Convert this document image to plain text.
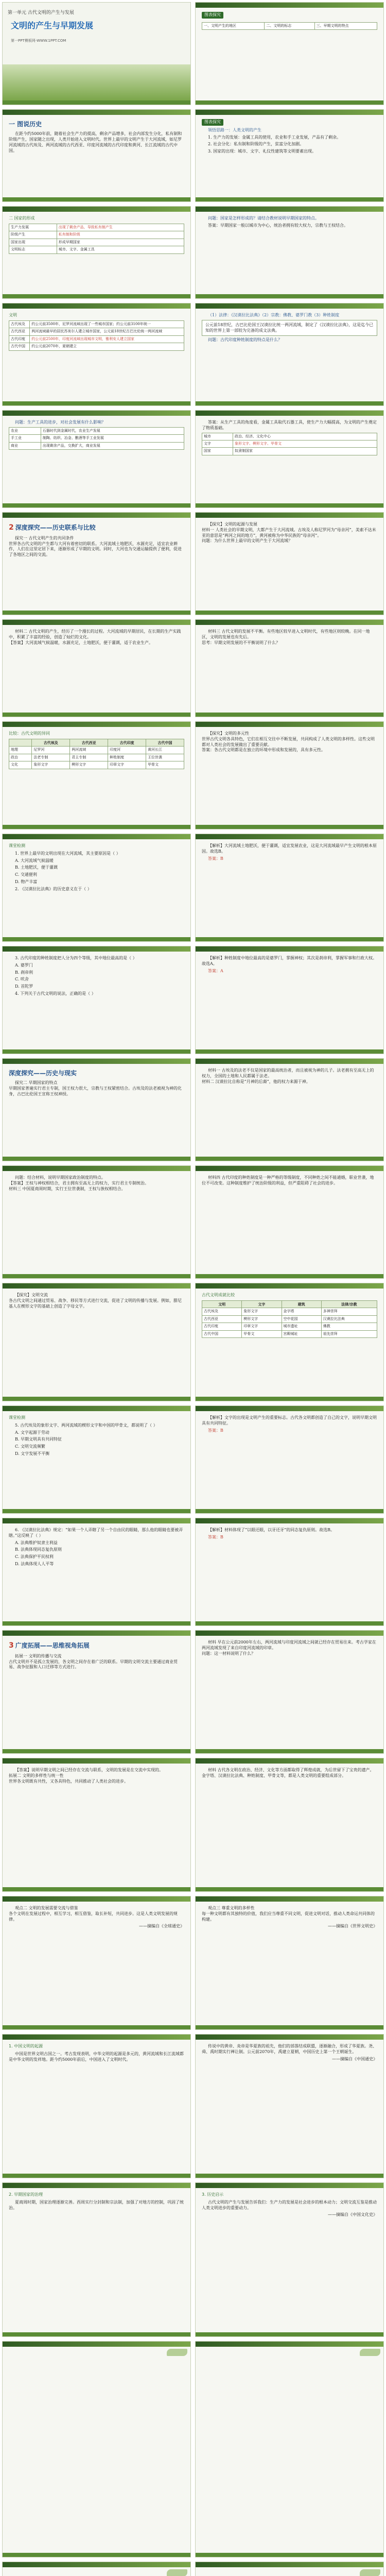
第一单元 古代文明的产生与发展
文明的产生与早期发展
第一PPT模板网-WWW.1PPT.COM
图表探究
一、文明产生的地区	二、文明的标志	三、早期文明的特点
一 图说历史
在距今约5000年前，随着社会生产力的提高，剩余产品增多，社会内部发生分化，私有制和阶级产生，国家随之出现，人类开始进入文明时代。世界上最早的文明产生于大河流域，如尼罗河流域的古代埃及、两河流域的古代西亚、印度河流域的古代印度和黄河、长江流域的古代中国。
图表探究
领悟思路一：人类文明的产生
1. 生产力的发展：金属工具的使用，农业和手工业发展，产品有了剩余。
2. 社会分化：私有制和阶级的产生，贫富分化加剧。
3. 国家的出现：城市、文字、礼仪性建筑等文明要素出现。
二 国家的形成
生产力发展	出现了剩余产品，导致私有制产生
阶级产生	私有制和阶级
国家出现	形成早期国家
文明标志	城市、文字、金属工具
问题：国家是怎样形成的？请结合教材说明早期国家的特点。
答案：早期国家一般以城市为中心，统治者拥有较大权力，宗教与王权结合。
文明
古代埃及	约公元前3500年，尼罗河流域出现了一些城市国家；约公元前3100年统一
古代西亚	两河流域最早的居民苏美尔人建立城市国家，公元前18世纪古巴比伦统一两河流域
古代印度	约公元前2500年，印度河流域出现城市文明，雅利安人建立国家
古代中国	约公元前2070年，夏朝建立
（1）法律：《汉谟拉比法典》（2）宗教：佛教、婆罗门教（3）种姓制度
公元前18世纪，古巴比伦国王汉谟拉比统一两河流域，制定了《汉谟拉比法典》，这是迄今已知的世界上第一部较为完备的成文法典。
问题：古代印度种姓制度的特点是什么？
问题：生产工具的进步，对社会发展有什么影响？
农业	石器时代到金属时代，农业生产发展
手工业	制陶、纺织、冶金、酿酒等手工业发展
商业	出现剩余产品，交换扩大，商业发展
答案：从生产工具的角度看，金属工具取代石器工具，使生产力大幅提高，为文明的产生奠定了物质基础。
城市	政治、经济、文化中心
文字	象形文字、楔形文字、甲骨文
国家	奴隶制国家
2 深度探究——历史联系与比较
探究一 古代文明产生的共同条件
世界各古代文明的产生都与大河有着密切的联系。大河流域土地肥沃，水源充足，适宜农业耕作，人们在这里定居下来，逐渐形成了早期的文明。同时，大河也为交通运输提供了便利，促进了各地区之间的交流。
【探究】文明的起源与发展
材料一 人类社会的早期文明，大都产生于大河流域。古埃及人称尼罗河为“母亲河”，美索不达米亚的意思是“两河之间的地方”，黄河被称为中华民族的“母亲河”。
问题：为什么世界上最早的文明产生于大河流域？
材料二 古代文明的产生，经历了一个漫长的过程。大河流域的早期居民，在长期的生产实践中，积累了丰富的经验，创造了灿烂的文化。
【答案】大河流域气候温暖，水源充足，土地肥沃，便于灌溉，适于农业生产。
材料三 古代文明的发展不平衡。有些地区较早进入文明时代，有些地区则较晚。在同一地区，文明的发展也有先后。
思考：早期文明发展的不平衡说明了什么？
比较：古代文明的异同
	古代埃及	古代西亚	古代印度	古代中国
地理	尼罗河	两河流域	印度河	黄河长江
政治	法老专制	君主专制	种姓制度	王位世袭
文化	象形文字	楔形文字	印章文字	甲骨文
【探究】文明的多元性
世界古代文明各具特色，它们在相互交往中不断发展，共同构成了人类文明的多样性。这些文明都对人类社会的发展做出了重要贡献。
答案：各古代文明都是在独立的环境中形成和发展的，具有多元性。
课堂检测
1. 世界上最早的文明出现在大河流域，其主要原因是（ ）
A. 大河流域气候温暖
B. 土地肥沃，便于灌溉
C. 交通便利
D. 物产丰富
2. 《汉谟拉比法典》的历史意义在于（ ）
【解析】大河流域土地肥沃，便于灌溉，适宜发展农业，这是大河流域最早产生文明的根本原因。故选B。
答案：B
3. 古代印度的种姓制度把人分为四个等级，其中地位最高的是（ ）
A. 婆罗门
B. 刹帝利
C. 吠舍
D. 首陀罗
4. 下列关于古代文明的说法，正确的是（ ）
【解析】种姓制度中地位最高的是婆罗门，掌握神权；其次是刹帝利，掌握军事和行政大权。故选A。
答案：A
深度探究——历史与现实
探究二 早期国家的特点
早期国家普遍实行君主专制，国王权力很大，宗教与王权紧密结合。古埃及的法老被视为神的化身，古巴比伦国王宣称王权神授。
材料一 古埃及的法老不仅是国家的最高统治者，而且被视为神的儿子。法老拥有至高无上的权力，全国的土地和人民都属于法老。
材料二 汉谟拉比自称是“月神的后裔”，他的权力来源于神。
问题：结合材料，说明早期国家政治制度的特点。
【答案】王权与神权相结合，君主拥有至高无上的权力，实行君主专制统治。
材料三 中国夏商周时期，实行王位世袭制，王权与族权相结合。
材料四 古代印度的种姓制度是一种严格的等级制度，不同种姓之间不能通婚，职业世袭，地位不可改变。这种制度维护了统治阶级的利益，但严重阻碍了社会的进步。
【探究】文明交流
各古代文明之间通过贸易、战争、移民等方式进行交流，促进了文明的传播与发展。例如，腓尼基人在楔形文字的基础上创造了字母文字。
古代文明成就比较
文明	文字	建筑	法律/宗教
古代埃及	象形文字	金字塔	多神崇拜
古代西亚	楔形文字	空中花园	汉谟拉比法典
古代印度	印章文字	城市遗址	佛教
古代中国	甲骨文	宫殿城址	祖先崇拜
课堂检测
5. 古代埃及的象形文字、两河流域的楔形文字和中国的甲骨文，都说明了（ ）
A. 文字起源于劳动
B. 早期文明具有共同特征
C. 文明交流频繁
D. 文字发展不平衡
【解析】文字的出现是文明产生的重要标志。古代各文明都创造了自己的文字，说明早期文明具有共同特征。
答案：B
6. 《汉谟拉比法典》规定：“如果一个人弄瞎了另一个自由民的眼睛，那么他的眼睛也要被弄瞎。”这反映了（ ）
A. 法典维护奴隶主利益
B. 法典体现同态复仇原则
C. 法典保护平民权利
D. 法典体现人人平等
【解析】材料体现了“以眼还眼，以牙还牙”的同态复仇原则。故选B。
答案：B
3 广度拓展——思维视角拓展
拓展一 文明的传播与交流
古代文明并不是孤立发展的，各文明之间存在着广泛的联系。早期的文明交流主要通过商业贸易、战争征服和人口迁移等方式进行。
材料 早在公元前2000年左右，两河流域与印度河流域之间就已经存在贸易往来。考古学家在两河流域发现了来自印度河流域的印章。
问题：这一材料说明了什么？
【答案】说明早期文明之间已经存在交流与联系，文明的发展是在交流中实现的。
拓展二 文明的多样性与统一性
世界各文明既有共性，又各具特色，共同推动了人类社会的进步。
材料 古代各文明在政治、经济、文化等方面都取得了辉煌成就，为后世留下了宝贵的遗产。金字塔、汉谟拉比法典、种姓制度、甲骨文等，都是人类文明的重要组成部分。
观点二 文明的发展需要交流与借鉴
各个文明在发展过程中，相互学习，相互借鉴，取长补短，共同进步。这是人类文明发展的规律。
——摘编自《全球通史》
观点三 尊重文明的多样性
每一种文明都有其独特的价值，我们应当尊重不同文明，促进文明对话，推动人类命运共同体的构建。
——摘编自《世界文明史》
1. 中国文明的起源
中国是世界文明古国之一。考古发现表明，中华文明的起源是多元的，黄河流域和长江流域都是中华文明的发祥地。距今约5000年前后，中国进入了文明时代。
传说中的黄帝、炎帝是华夏族的祖先，他们的部落结成联盟，逐渐融合，形成了华夏族。尧、舜、禹时期实行禅让制。公元前2070年，禹建立夏朝，中国历史上第一个王朝诞生。
——摘编自《中国通史》
2. 早期国家的治理
夏商周时期，国家治理逐渐完善。西周实行分封制和宗法制，加强了对地方的控制，巩固了统治。
3. 历史启示
古代文明的产生与发展告诉我们：生产力的发展是社会进步的根本动力；文明交流互鉴是推动人类文明进步的重要动力。
——摘编自《中国文化史》
